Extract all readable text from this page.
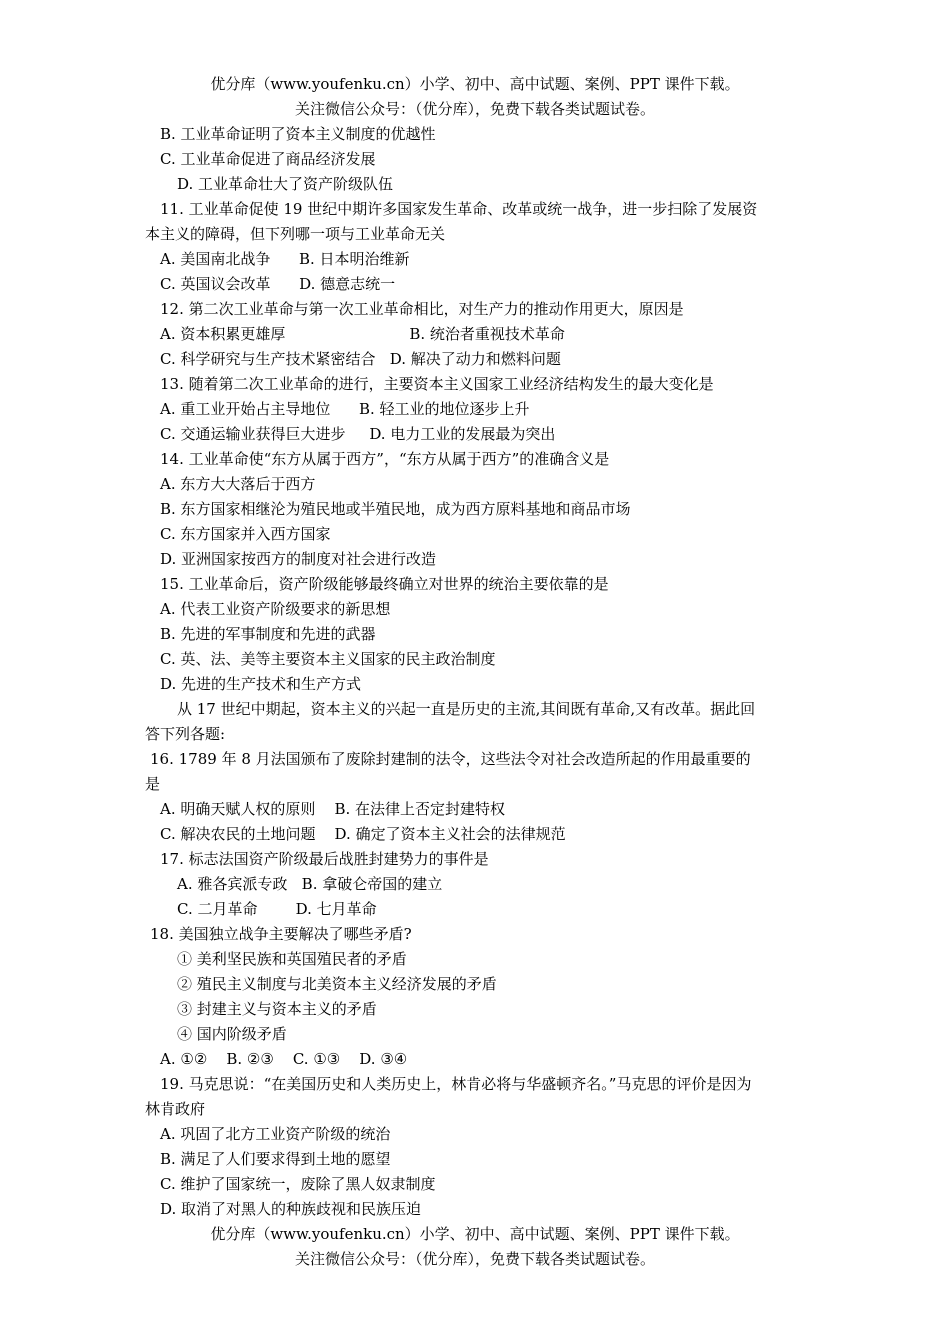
优分库（www.youfenku.cn）小学、初中、高中试题、案例、PPT 课件下载。
关注微信公众号：（优分库），免费下载各类试题试卷。
B. 工业革命证明了资本主义制度的优越性
C. 工业革命促进了商品经济发展
D. 工业革命壮大了资产阶级队伍
11. 工业革命促使 19 世纪中期许多国家发生革命、改革或统一战争，进一步扫除了发展资
本主义的障碍，但下列哪一项与工业革命无关
A. 美国南北战争      B. 日本明治维新
C. 英国议会改革      D. 德意志统一
12. 第二次工业革命与第一次工业革命相比，对生产力的推动作用更大，原因是
A. 资本积累更雄厚                          B. 统治者重视技术革命
C. 科学研究与生产技术紧密结合   D. 解决了动力和燃料问题
13. 随着第二次工业革命的进行，主要资本主义国家工业经济结构发生的最大变化是
A. 重工业开始占主导地位      B. 轻工业的地位逐步上升
C. 交通运输业获得巨大进步     D. 电力工业的发展最为突出
14. 工业革命使“东方从属于西方”，“东方从属于西方”的准确含义是
A. 东方大大落后于西方
B. 东方国家相继沦为殖民地或半殖民地，成为西方原料基地和商品市场
C. 东方国家并入西方国家
D. 亚洲国家按西方的制度对社会进行改造
15. 工业革命后，资产阶级能够最终确立对世界的统治主要依靠的是
A. 代表工业资产阶级要求的新思想
B. 先进的军事制度和先进的武器
C. 英、法、美等主要资本主义国家的民主政治制度
D. 先进的生产技术和生产方式
从 17 世纪中期起，资本主义的兴起一直是历史的主流,其间既有革命,又有改革。据此回
答下列各题:
16. 1789 年 8 月法国颁布了废除封建制的法令，这些法令对社会改造所起的作用最重要的
是
A. 明确天赋人权的原则    B. 在法律上否定封建特权
C. 解决农民的土地问题    D. 确定了资本主义社会的法律规范
17. 标志法国资产阶级最后战胜封建势力的事件是
A. 雅各宾派专政   B. 拿破仑帝国的建立
C. 二月革命        D. 七月革命
18. 美国独立战争主要解决了哪些矛盾?
① 美利坚民族和英国殖民者的矛盾
② 殖民主义制度与北美资本主义经济发展的矛盾
③ 封建主义与资本主义的矛盾
④ 国内阶级矛盾
A. ①②    B. ②③    C. ①③    D. ③④
19. 马克思说：“在美国历史和人类历史上，林肯必将与华盛顿齐名。”马克思的评价是因为
林肯政府
A. 巩固了北方工业资产阶级的统治
B. 满足了人们要求得到土地的愿望
C. 维护了国家统一，废除了黑人奴隶制度
D. 取消了对黑人的种族歧视和民族压迫
优分库（www.youfenku.cn）小学、初中、高中试题、案例、PPT 课件下载。
关注微信公众号：（优分库），免费下载各类试题试卷。
